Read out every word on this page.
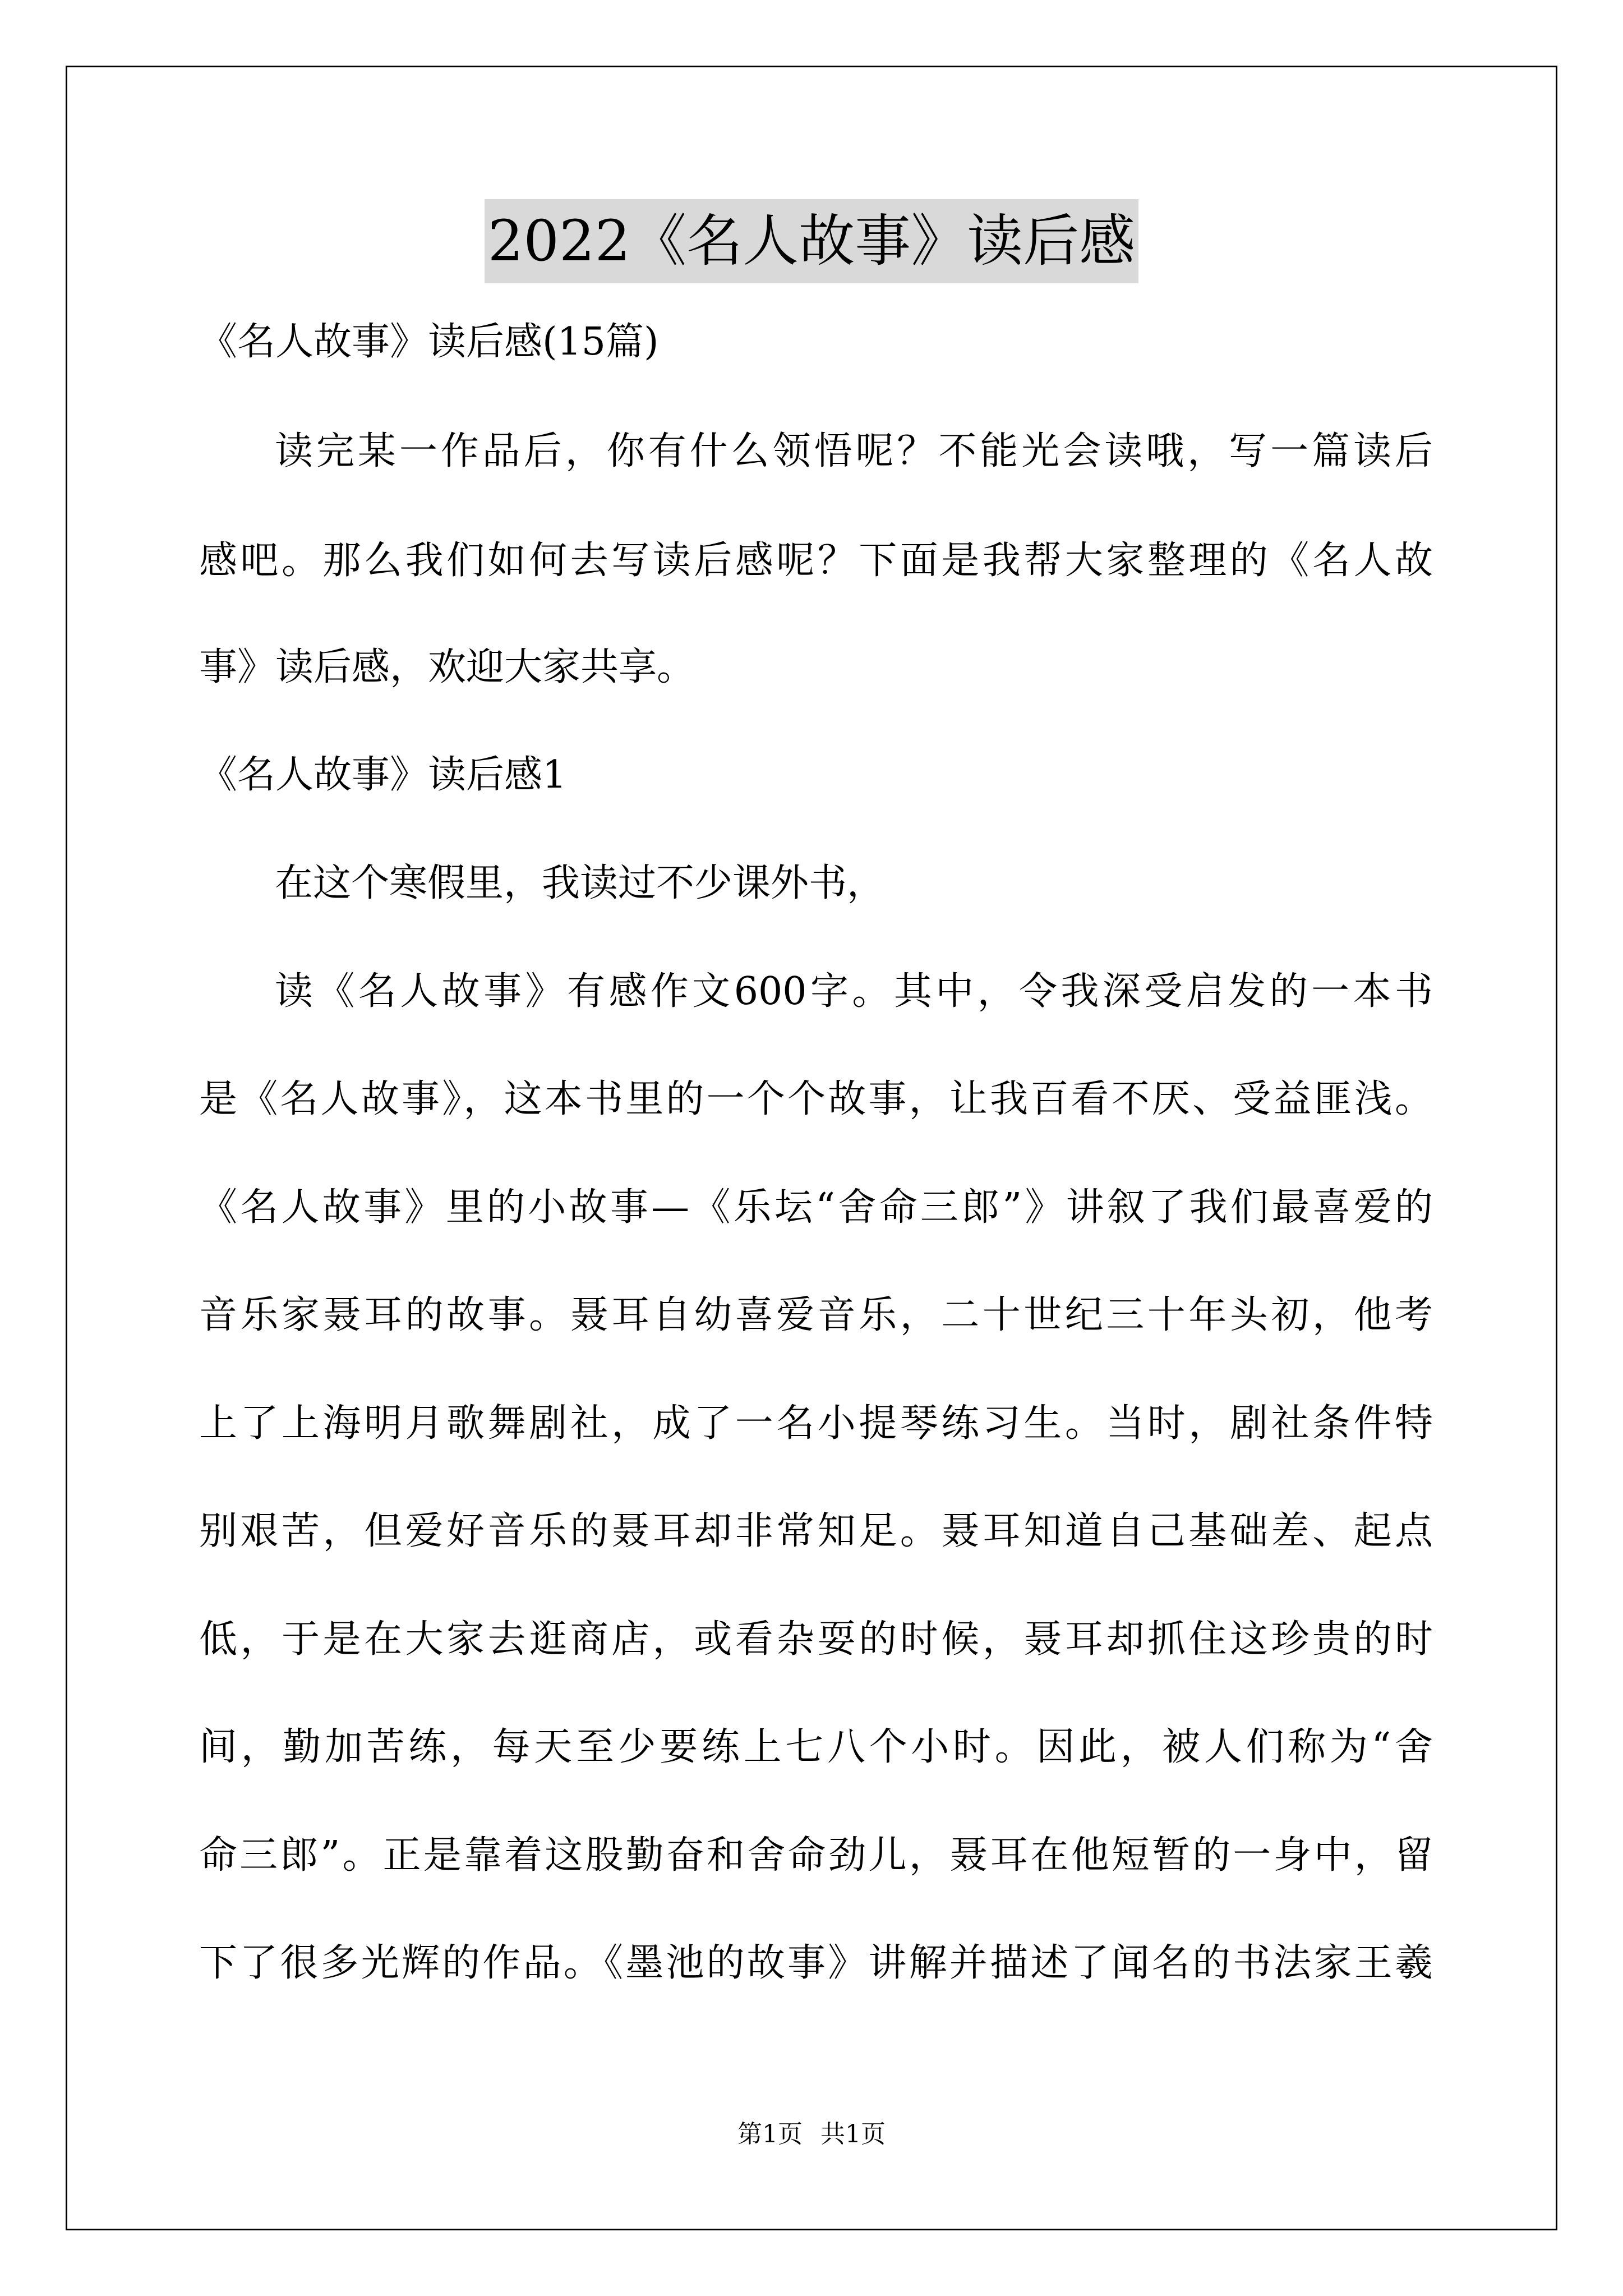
2022《名人故事》读后感
《名人故事》读后感(15篇)
读完某一作品后，你有什么领悟呢？不能光会读哦，写一篇读后
感吧。那么我们如何去写读后感呢？下面是我帮大家整理的《名人故
事》读后感，欢迎大家共享。
《名人故事》读后感1
在这个寒假里，我读过不少课外书，
读《名人故事》有感作文600字。其中，令我深受启发的一本书
是《名人故事》，这本书里的一个个故事，让我百看不厌、受益匪浅。
《名人故事》里的小故事—《乐坛“舍命三郎”》讲叙了我们最喜爱的
音乐家聂耳的故事。聂耳自幼喜爱音乐，二十世纪三十年头初，他考
上了上海明月歌舞剧社，成了一名小提琴练习生。当时，剧社条件特
别艰苦，但爱好音乐的聂耳却非常知足。聂耳知道自己基础差、起点
低，于是在大家去逛商店，或看杂耍的时候，聂耳却抓住这珍贵的时
间，勤加苦练，每天至少要练上七八个小时。因此，被人们称为“舍
命三郎”。正是靠着这股勤奋和舍命劲儿，聂耳在他短暂的一身中，留
下了很多光辉的作品。《墨池的故事》讲解并描述了闻名的书法家王羲
第1页 共1页
